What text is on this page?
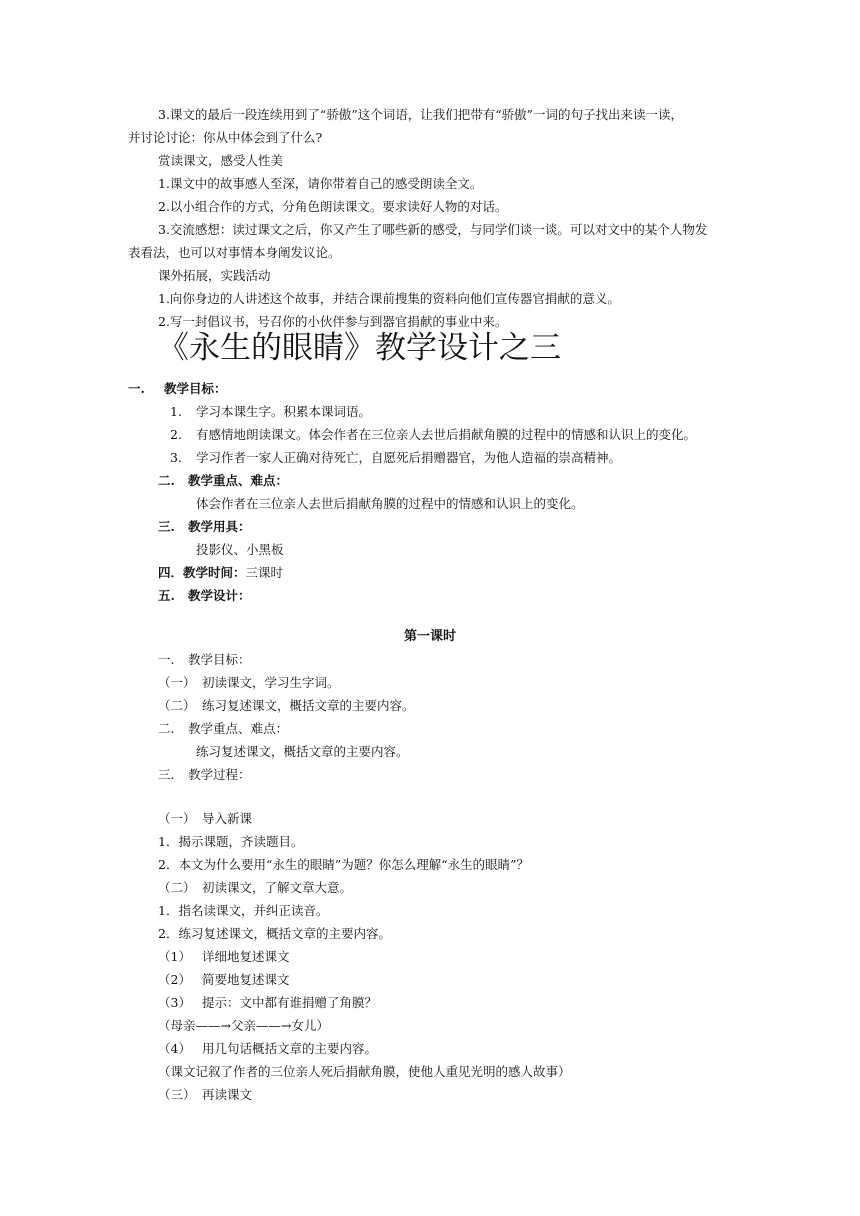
3.课文的最后一段连续用到了“骄傲”这个词语，让我们把带有“骄傲”一词的句子找出来读一读，
并讨论讨论：你从中体会到了什么?
赏读课文，感受人性美
1.课文中的故事感人至深，请你带着自己的感受朗读全文。
2.以小组合作的方式，分角色朗读课文。要求读好人物的对话。
3.交流感想：读过课文之后，你又产生了哪些新的感受，与同学们谈一谈。可以对文中的某个人物发
表看法，也可以对事情本身阐发议论。
课外拓展，实践活动
1.向你身边的人讲述这个故事，并结合课前搜集的资料向他们宣传器官捐献的意义。
2.写一封倡议书，号召你的小伙伴参与到器官捐献的事业中来。
《永生的眼睛》教学设计之三
一. 教学目标：
1. 学习本课生字。积累本课词语。
2. 有感情地朗读课文。体会作者在三位亲人去世后捐献角膜的过程中的情感和认识上的变化。
3. 学习作者一家人正确对待死亡，自愿死后捐赠器官，为他人造福的崇高精神。
二. 教学重点、难点：
体会作者在三位亲人去世后捐献角膜的过程中的情感和认识上的变化。
三. 教学用具：
投影仪、小黑板
四．教学时间：三课时
五. 教学设计：
第一课时
一. 教学目标：
（一） 初读课文，学习生字词。
（二） 练习复述课文，概括文章的主要内容。
二. 教学重点、难点：
练习复述课文，概括文章的主要内容。
三. 教学过程：
（一） 导入新课
1．揭示课题，齐读题目。
2．本文为什么要用“永生的眼睛”为题？你怎么理解“永生的眼睛”？
（二） 初读课文，了解文章大意。
1．指名读课文，并纠正读音。
2．练习复述课文，概括文章的主要内容。
（1） 详细地复述课文
（2） 简要地复述课文
（3） 提示：文中都有谁捐赠了角膜？
（母亲——→父亲——→女儿）
（4） 用几句话概括文章的主要内容。
（课文记叙了作者的三位亲人死后捐献角膜，使他人重见光明的感人故事）
（三） 再读课文
